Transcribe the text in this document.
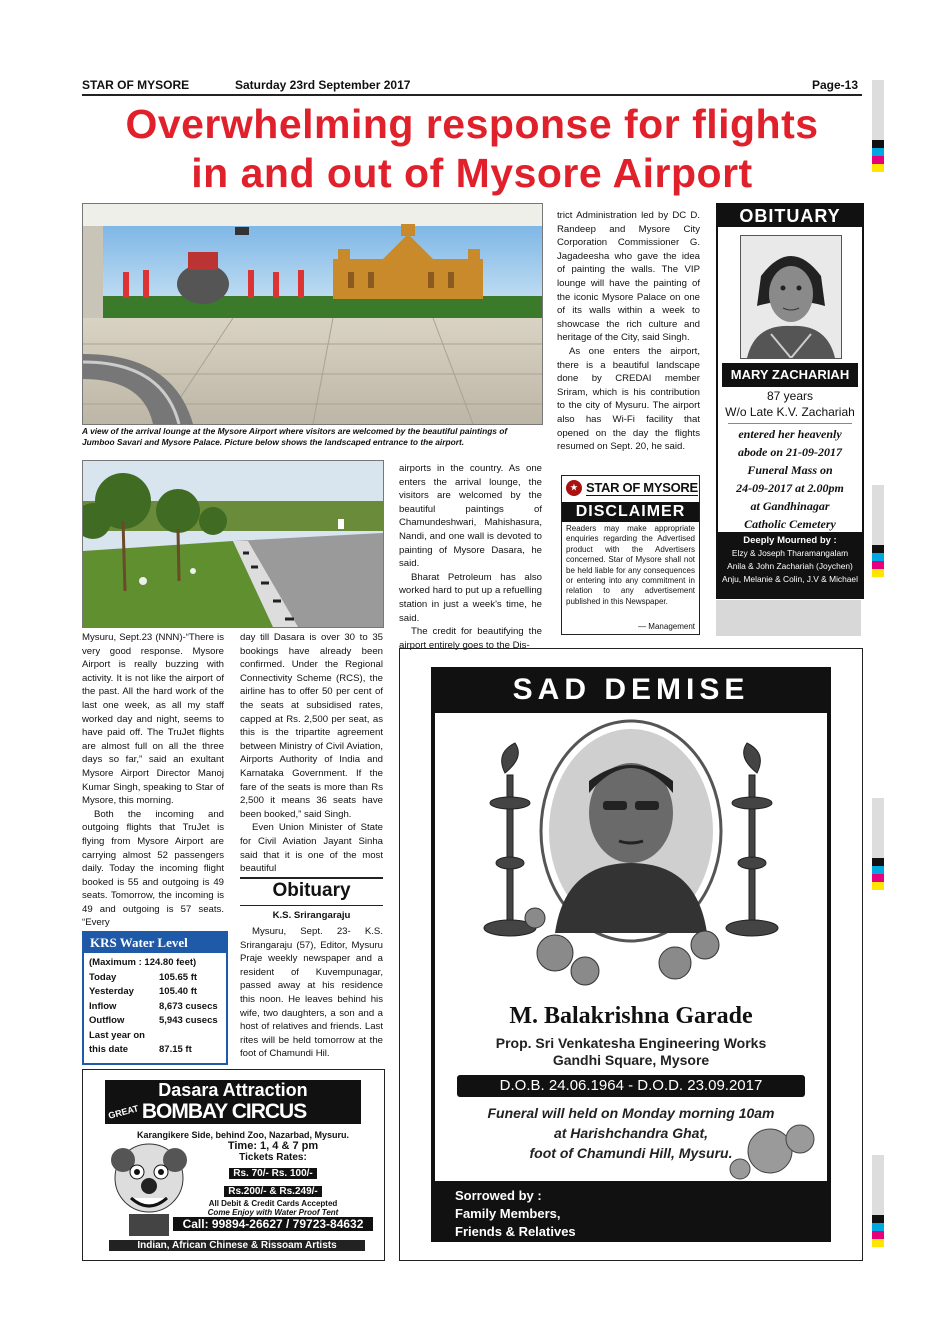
STAR OF MYSORE	Saturday 23rd September 2017	Page-13
Overwhelming response for flights
in and out of Mysore Airport
A view of the arrival lounge at the Mysore Airport where visitors are welcomed by the beautiful paintings of Jumboo Savari and Mysore Palace. Picture below shows the landscaped entrance to the airport.

Mysuru, Sept.23 (NNN)-“There is very good response. Mysore Airport is really buzzing with activity. It is not like the airport of the past. All the hard work of the last one week, as all my staff worked day and night, seems to have paid off. The TruJet flights are almost full on all the three days so far,” said an exultant Mysore Airport Director Manoj Kumar Singh, speaking to Star of Mysore, this morning.

Both the incoming and outgoing flights that TruJet is flying from Mysore Airport are carrying almost 52 passengers daily. Today the incoming flight booked is 55 and outgoing is 49 seats. Tomorrow, the incoming is 49 and outgoing is 57 seats. “Every

day till Dasara is over 30 to 35 bookings have already been confirmed. Under the Regional Connectivity Scheme (RCS), the airline has to offer 50 per cent of the seats at subsidised rates, capped at Rs. 2,500 per seat, as this is the tripartite agreement between Ministry of Civil Aviation, Airports Authority of India and Karnataka Government. If the fare of the seats is more than Rs 2,500 it means 36 seats have been booked,” said Singh.

Even Union Minister of State for Civil Aviation Jayant Sinha said that it is one of the most beautiful

airports in the country. As one enters the arrival lounge, the visitors are welcomed by the beautiful paintings of Chamundeshwari, Mahishasura, Nandi, and one wall is devoted to painting of Mysore Dasara, he said.

Bharat Petroleum has also worked hard to put up a refuelling station in just a week's time, he said.

The credit for beautifying the airport entirely goes to the Dis-

trict Administration led by DC D. Randeep and Mysore City Corporation Commissioner G. Jagadeesha who gave the idea of painting the walls. The VIP lounge will have the painting of the iconic Mysore Palace on one of its walls within a week to showcase the rich culture and heritage of the City, said Singh.

As one enters the airport, there is a beautiful landscape done by CREDAI member Sriram, which is his contribution to the city of Mysuru. The airport also has Wi-Fi facility that opened on the day the flights resumed on Sept. 20, he said.

KRS Water Level
(Maximum : 124.80 feet)
Today	105.65 ft
Yesterday	105.40 ft
Inflow	8,673 cusecs
Outflow	5,943 cusecs
Last year on
this date	87.15 ft
Obituary
K.S. Srirangaraju

Mysuru, Sept. 23- K.S. Srirangaraju (57), Editor, Mysuru Praje weekly newspaper and a resident of Kuvempunagar, passed away at his residence this noon. He leaves behind his wife, two daughters, a son and a host of relatives and friends. Last rites will be held tomorrow at the foot of Chamundi Hil.

Dasara Attraction
GREAT BOMBAY CIRCUS
Karangikere Side, behind Zoo, Nazarbad, Mysuru.
Time: 1, 4 & 7 pm
Tickets Rates:
Rs. 70/- Rs. 100/-
Rs.200/- & Rs.249/-
All Debit & Credit Cards Accepted
Come Enjoy with Water Proof Tent
Call: 99894-26627 / 79723-84632
Indian, African Chinese & Rissoam Artists
OBITUARY
MARY ZACHARIAH
87 years
W/o Late K.V. Zachariah
entered her heavenly
abode on 21-09-2017
Funeral Mass on
24-09-2017 at 2.00pm
at Gandhinagar
Catholic Cemetery
Deeply Mourned by :
Elzy & Joseph Tharamangalam
Anila & John Zachariah (Joychen)
Anju, Melanie & Colin, J.V & Michael
★ STAR OF MYSORE
DISCLAIMER
Readers may make appropriate enquiries regarding the Advertised product with the Advertisers concerned. Star of Mysore shall not be held liable for any consequences or entering into any commitment in relation to any advertisement published in this Newspaper.
— Management
SAD DEMISE
M. Balakrishna Garade
Prop. Sri Venkatesha Engineering Works
Gandhi Square, Mysore
D.O.B. 24.06.1964 - D.O.D. 23.09.2017
Funeral will held on Monday morning 10am
at Harishchandra Ghat,
foot of Chamundi Hill, Mysuru.
Sorrowed by :
Family Members,
Friends & Relatives
